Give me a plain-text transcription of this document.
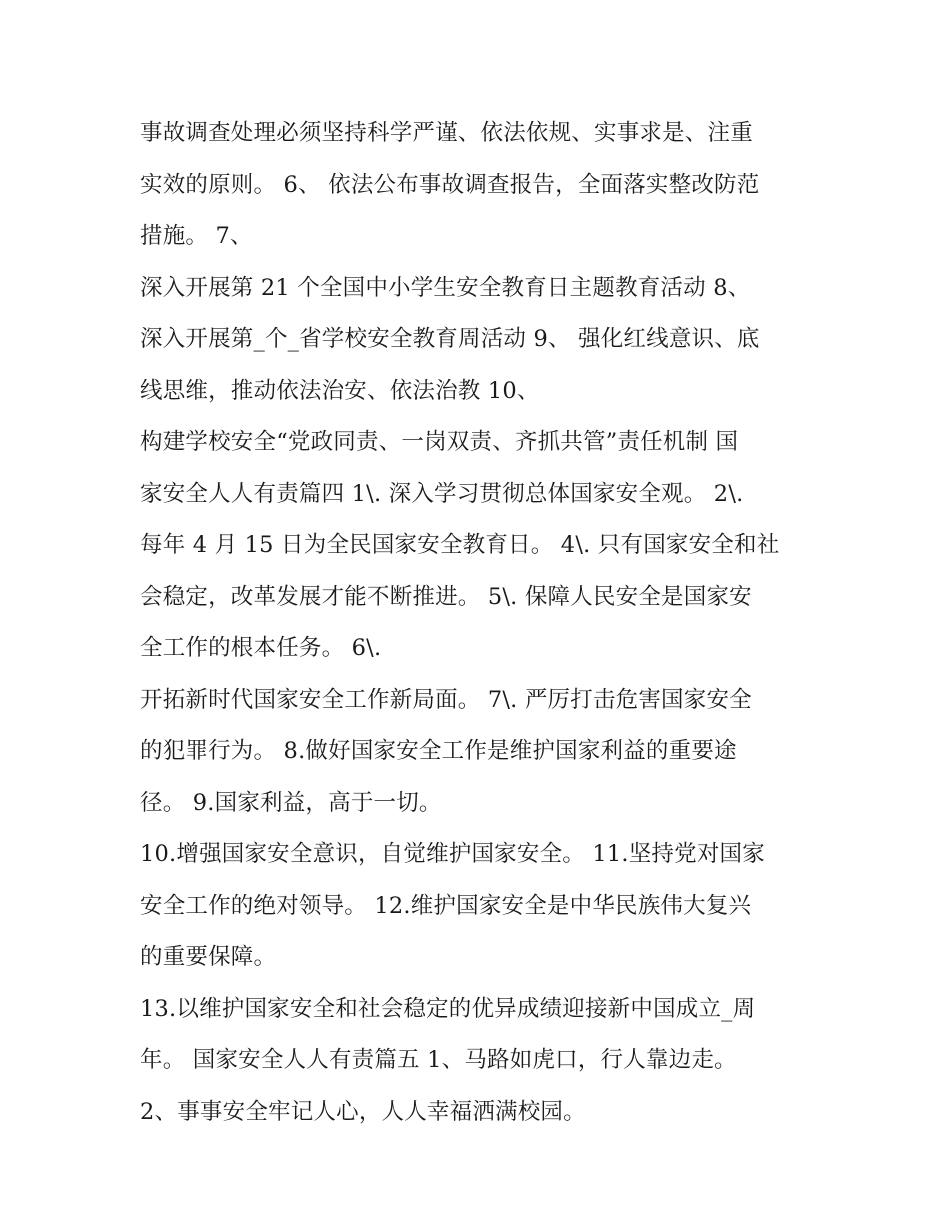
事故调查处理必须坚持科学严谨、依法依规、实事求是、注重
实效的原则。 6、 依法公布事故调查报告，全面落实整改防范
措施。 7、
深入开展第 21 个全国中小学生安全教育日主题教育活动 8、
深入开展第_个_省学校安全教育周活动 9、 强化红线意识、底
线思维，推动依法治安、依法治教 10、
构建学校安全“党政同责、一岗双责、齐抓共管”责任机制 国
家安全人人有责篇四 1\. 深入学习贯彻总体国家安全观。 2\.
每年 4 月 15 日为全民国家安全教育日。 4\. 只有国家安全和社
会稳定，改革发展才能不断推进。 5\. 保障人民安全是国家安
全工作的根本任务。 6\.
开拓新时代国家安全工作新局面。 7\. 严厉打击危害国家安全
的犯罪行为。 8.做好国家安全工作是维护国家利益的重要途
径。 9.国家利益，高于一切。
10.增强国家安全意识，自觉维护国家安全。 11.坚持党对国家
安全工作的绝对领导。 12.维护国家安全是中华民族伟大复兴
的重要保障。
13.以维护国家安全和社会稳定的优异成绩迎接新中国成立_周
年。 国家安全人人有责篇五 1、马路如虎口，行人靠边走。
2、事事安全牢记人心，人人幸福洒满校园。
